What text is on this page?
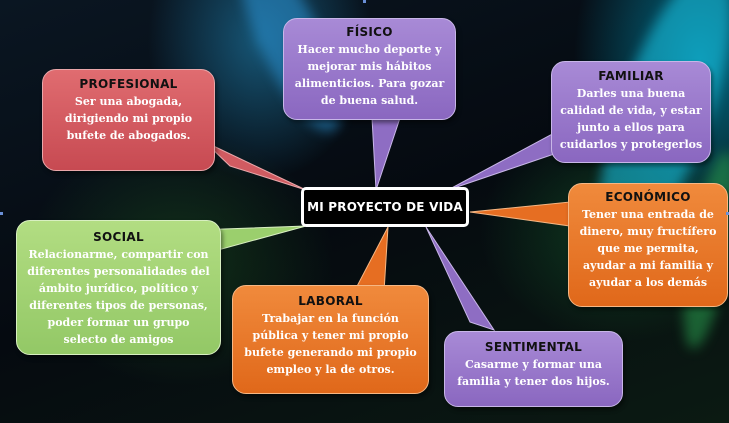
FÍSICO
Hacer mucho deporte y mejorar mis hábitos alimenticios. Para gozar de buena salud.
PROFESIONAL
Ser una abogada, dirigiendo mi propio bufete de abogados.
FAMILIAR
Darles una buena calidad de vida, y estar junto a ellos para cuidarlos y protegerlos
ECONÓMICO
Tener una entrada de dinero, muy fructífero que me permita, ayudar a mi familia y ayudar a los demás
SOCIAL
Relacionarme, compartir con diferentes personalidades del ámbito jurídico, político y diferentes tipos de personas, poder formar un grupo selecto de amigos
LABORAL
Trabajar en la función pública y tener mi propio bufete generando mi propio empleo y la de otros.
SENTIMENTAL
Casarme y formar una familia y tener dos hijos.
MI PROYECTO DE VIDA
